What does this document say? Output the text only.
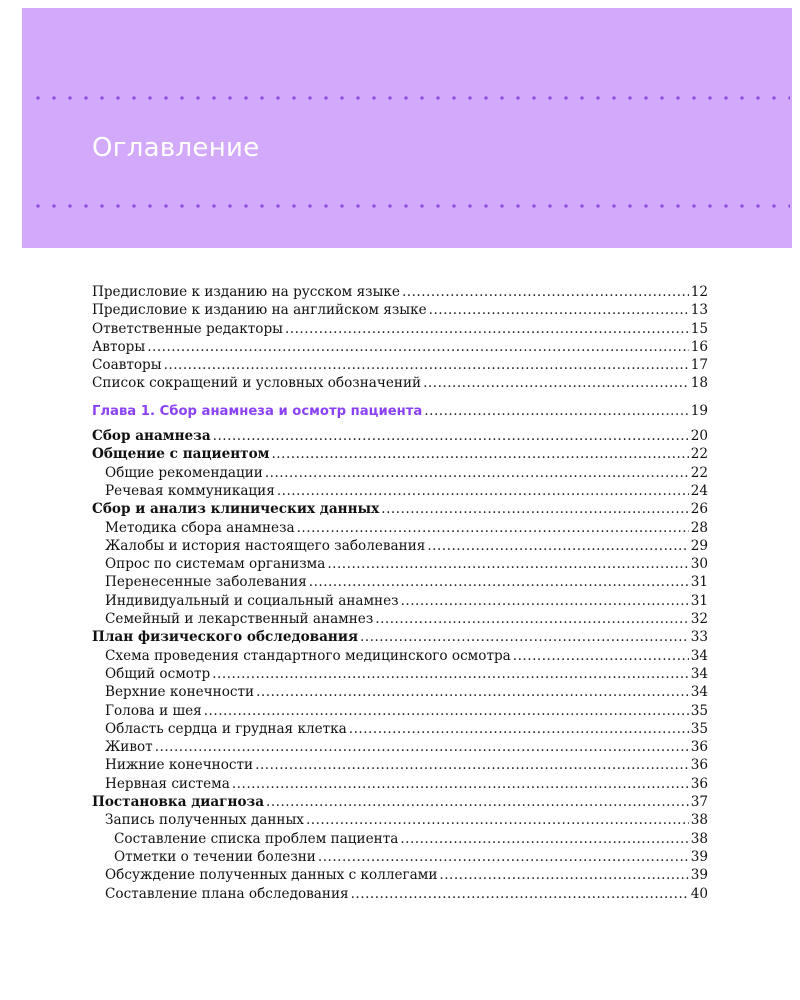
Оглавление
Предисловие к изданию на русском языке .....	12
Предисловие к изданию на английском языке .....	13
Ответственные редакторы .....	15
Авторы .....	16
Соавторы .....	17
Список сокращений и условных обозначений .....	18
Глава 1. Сбор анамнеза и осмотр пациента .....	19
Сбор анамнеза .....	20
Общение с пациентом .....	22
Общие рекомендации .....	22
Речевая коммуникация .....	24
Сбор и анализ клинических данных .....	26
Методика сбора анамнеза .....	28
Жалобы и история настоящего заболевания .....	29
Опрос по системам организма .....	30
Перенесенные заболевания .....	31
Индивидуальный и социальный анамнез .....	31
Семейный и лекарственный анамнез .....	32
План физического обследования .....	33
Схема проведения стандартного медицинского осмотра .....	34
Общий осмотр .....	34
Верхние конечности .....	34
Голова и шея .....	35
Область сердца и грудная клетка .....	35
Живот .....	36
Нижние конечности .....	36
Нервная система .....	36
Постановка диагноза .....	37
Запись полученных данных .....	38
Составление списка проблем пациента .....	38
Отметки о течении болезни .....	39
Обсуждение полученных данных с коллегами .....	39
Составление плана обследования .....	40
